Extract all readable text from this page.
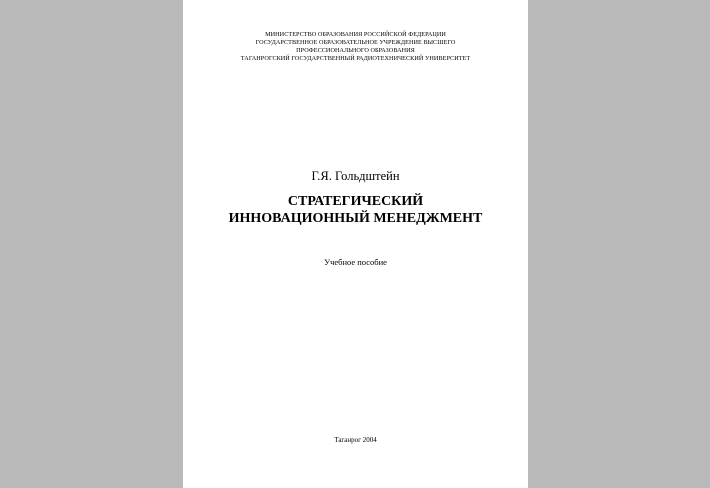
МИНИСТЕРСТВО ОБРАЗОВАНИЯ РОССИЙСКОЙ ФЕДЕРАЦИИ
ГОСУДАРСТВЕННОЕ ОБРАЗОВАТЕЛЬНОЕ УЧРЕЖДЕНИЕ ВЫСШЕГО
ПРОФЕССИОНАЛЬНОГО ОБРАЗОВАНИЯ
ТАГАНРОГСКИЙ ГОСУДАРСТВЕННЫЙ РАДИОТЕХНИЧЕСКИЙ УНИВЕРСИТЕТ
Г.Я. Гольдштейн
СТРАТЕГИЧЕСКИЙ
ИННОВАЦИОННЫЙ МЕНЕДЖМЕНТ
Учебное пособие
Таганрог 2004
